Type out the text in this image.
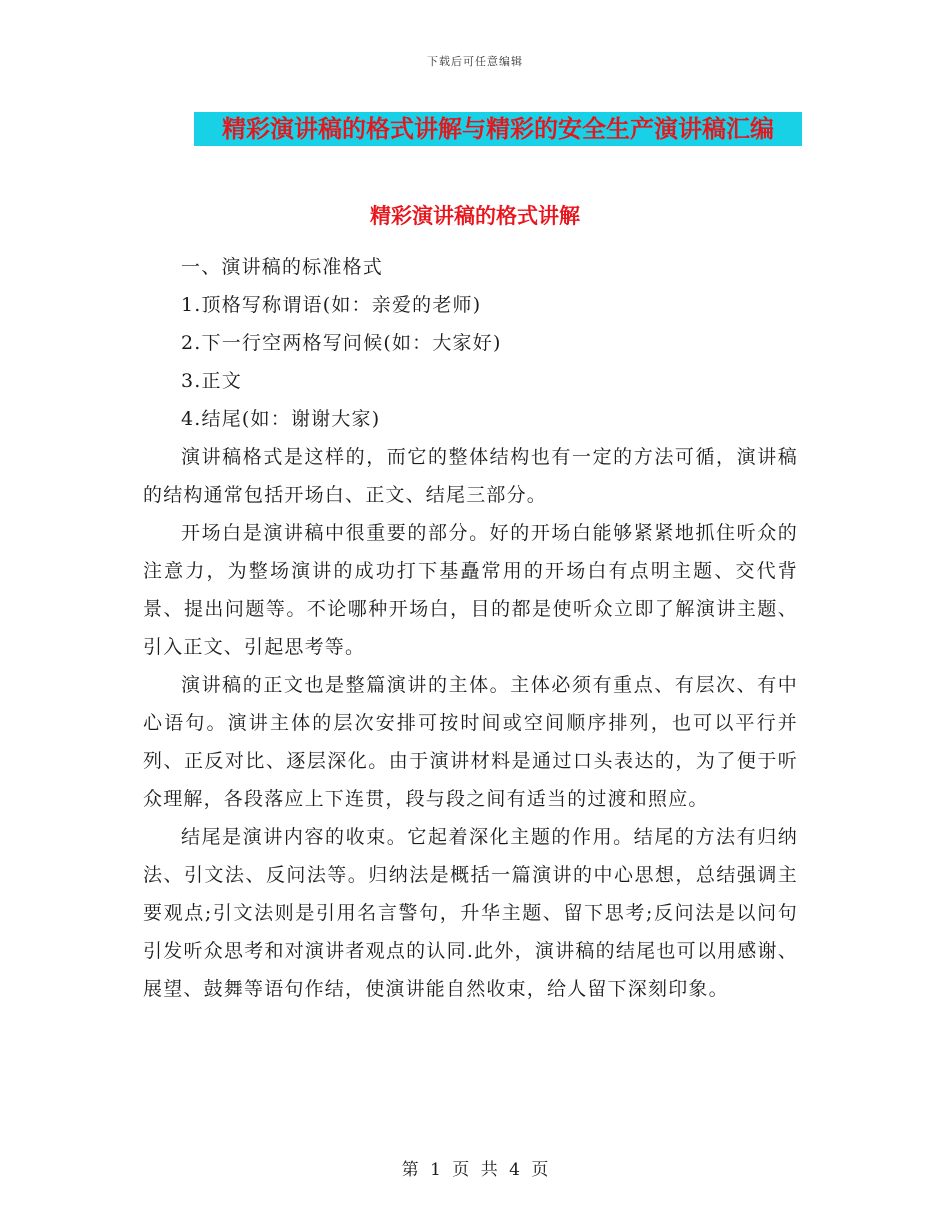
下载后可任意编辑
精彩演讲稿的格式讲解与精彩的安全生产演讲稿汇编
精彩演讲稿的格式讲解

一、演讲稿的标准格式

1.顶格写称谓语(如：亲爱的老师)

2.下一行空两格写问候(如：大家好)

3.正文

4.结尾(如：谢谢大家)

演讲稿格式是这样的，而它的整体结构也有一定的方法可循，演讲稿的结构通常包括开场白、正文、结尾三部分。

开场白是演讲稿中很重要的部分。好的开场白能够紧紧地抓住听众的注意力，为整场演讲的成功打下基矗常用的开场白有点明主题、交代背景、提出问题等。不论哪种开场白，目的都是使听众立即了解演讲主题、引入正文、引起思考等。

演讲稿的正文也是整篇演讲的主体。主体必须有重点、有层次、有中心语句。演讲主体的层次安排可按时间或空间顺序排列，也可以平行并列、正反对比、逐层深化。由于演讲材料是通过口头表达的，为了便于听众理解，各段落应上下连贯，段与段之间有适当的过渡和照应。

结尾是演讲内容的收束。它起着深化主题的作用。结尾的方法有归纳法、引文法、反问法等。归纳法是概括一篇演讲的中心思想，总结强调主要观点;引文法则是引用名言警句，升华主题、留下思考;反问法是以问句引发听众思考和对演讲者观点的认同.此外，演讲稿的结尾也可以用感谢、展望、鼓舞等语句作结，使演讲能自然收束，给人留下深刻印象。

第 1 页 共 4 页
